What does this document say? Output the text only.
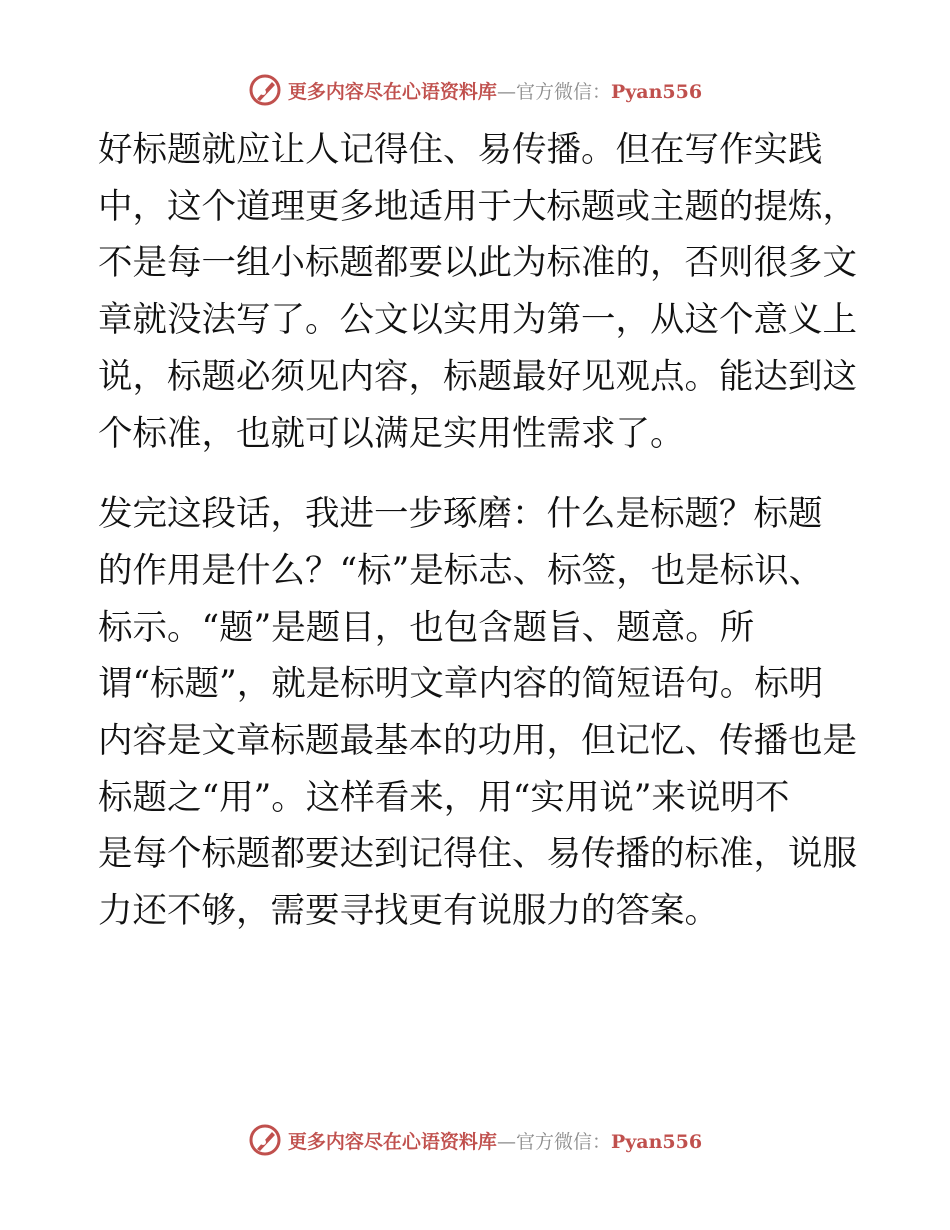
更多内容尽在心语资料库—官方微信：Pyan556

好标题就应让人记得住、易传播。但在写作实践
中，这个道理更多地适用于大标题或主题的提炼，
不是每一组小标题都要以此为标准的，否则很多文
章就没法写了。公文以实用为第一，从这个意义上
说，标题必须见内容，标题最好见观点。能达到这
个标准，也就可以满足实用性需求了。

发完这段话，我进一步琢磨：什么是标题？标题
的作用是什么？“标”是标志、标签，也是标识、
标示。“题”是题目，也包含题旨、题意。所
谓“标题”，就是标明文章内容的简短语句。标明
内容是文章标题最基本的功用，但记忆、传播也是
标题之“用”。这样看来，用“实用说”来说明不
是每个标题都要达到记得住、易传播的标准，说服
力还不够，需要寻找更有说服力的答案。

更多内容尽在心语资料库—官方微信：Pyan556
